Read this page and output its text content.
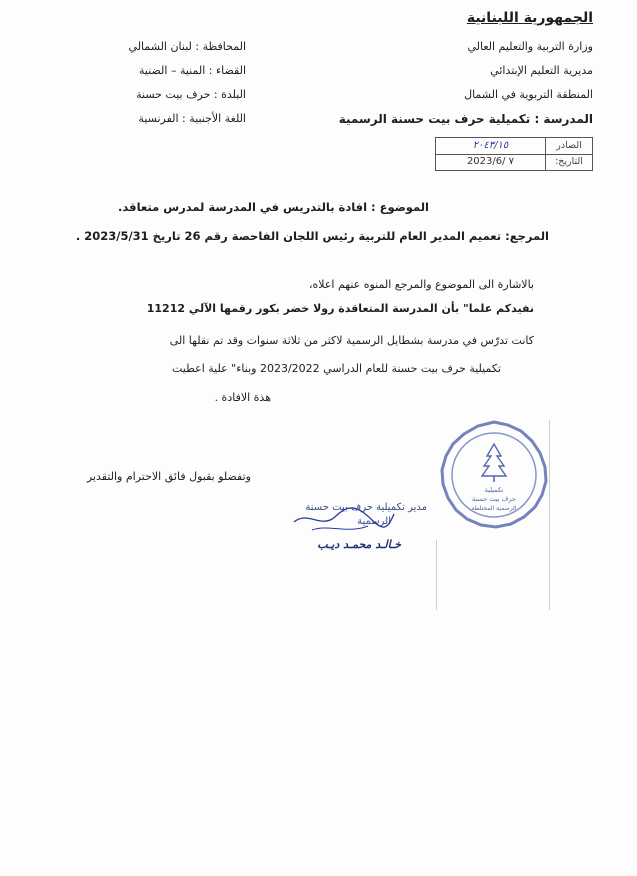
الجمهورية اللبنانية
وزارة التربية والتعليم العالي
مديرية التعليم الإبتدائي
المنطقة التربوية في الشمال
المدرسة : تكميلية حرف بيت حسنة الرسمية
المحافظة : لبنان الشمالي
القضاء : المنية – الضنية
البلدة : حرف بيت حسنة
اللغة الأجنبية : الفرنسية
الصادر
٢٠٤٣/١٥
التاريخ:
2023/6/ ٧
الموضوع : افادة بالتدريس في المدرسة لمدرس متعاقد.
المرجع: تعميم المدير العام للتربية رئيس اللجان الفاحصة رقم 26 تاريخ 2023/5/31 .
بالاشارة الى الموضوع والمرجع المنوه عنهم اعلاه،
نفيدكم علما" بأن المدرسة المتعاقدة رولا خضر بكور رقمها الآلي 11212
كانت تدرّس في مدرسة بشطايل الرسمية لاكثر من ثلاثة سنوات وقد تم نقلها الى
تكميلية حرف بيت حسنة للعام الدراسي 2023/2022 وبناء" علية اعطيت
هذة الافادة .
وتفضلو بقبول فائق الاحترام والتقدير
تكميلية
حرف بيت حسنة
الرسمية المختلطة
مدير تكميلية حرف بيت حسنة
الرسمية
خـالـد محمـد ديـب
